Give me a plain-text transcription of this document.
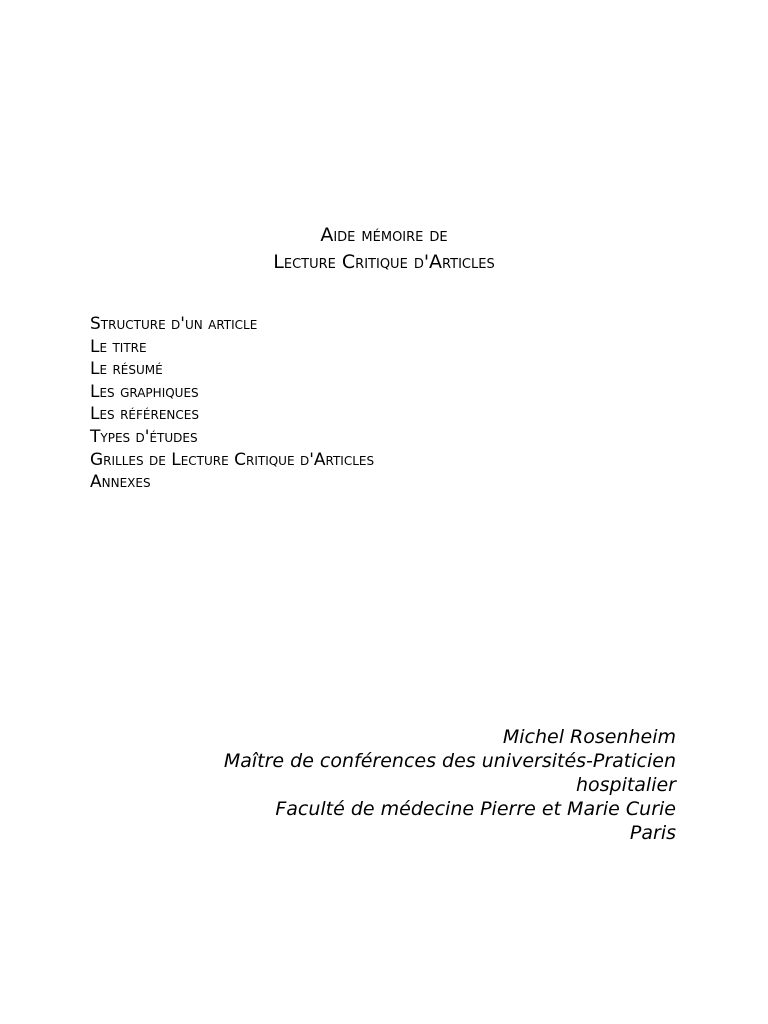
Aide mémoire de
Lecture Critique d'Articles
Structure d'un article
Le titre
Le résumé
Les graphiques
Les références
Types d'études
Grilles de Lecture Critique d'Articles
Annexes
Michel Rosenheim
Maître de conférences des universités-Praticien
hospitalier
Faculté de médecine Pierre et Marie Curie
Paris
